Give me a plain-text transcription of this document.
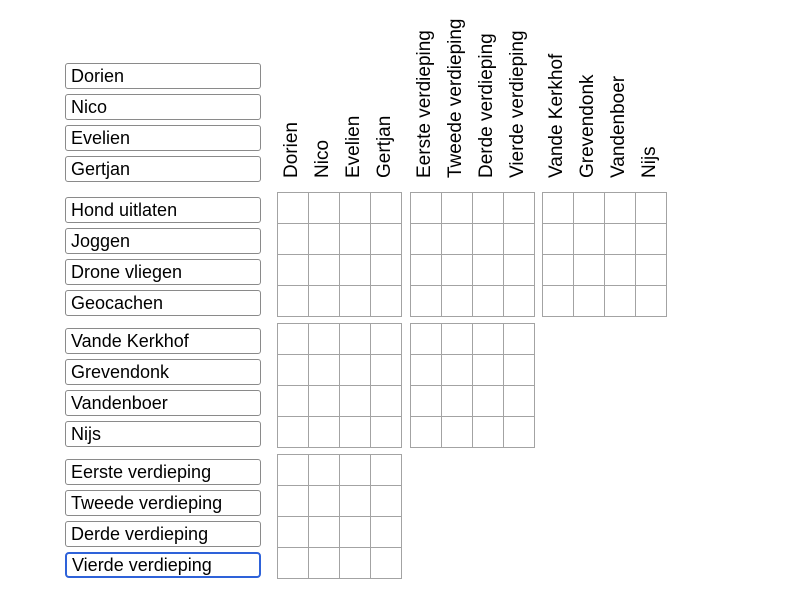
Dorien
Nico
Evelien
Gertjan
Hond uitlaten
Joggen
Drone vliegen
Geocachen
Vande Kerkhof
Grevendonk
Vandenboer
Nijs
Eerste verdieping
Tweede verdieping
Derde verdieping
Vierde verdieping
Dorien Nico Evelien Gertjan Eerste verdieping Tweede verdieping Derde verdieping Vierde verdieping Vande Kerkhof Grevendonk Vandenboer Nijs
